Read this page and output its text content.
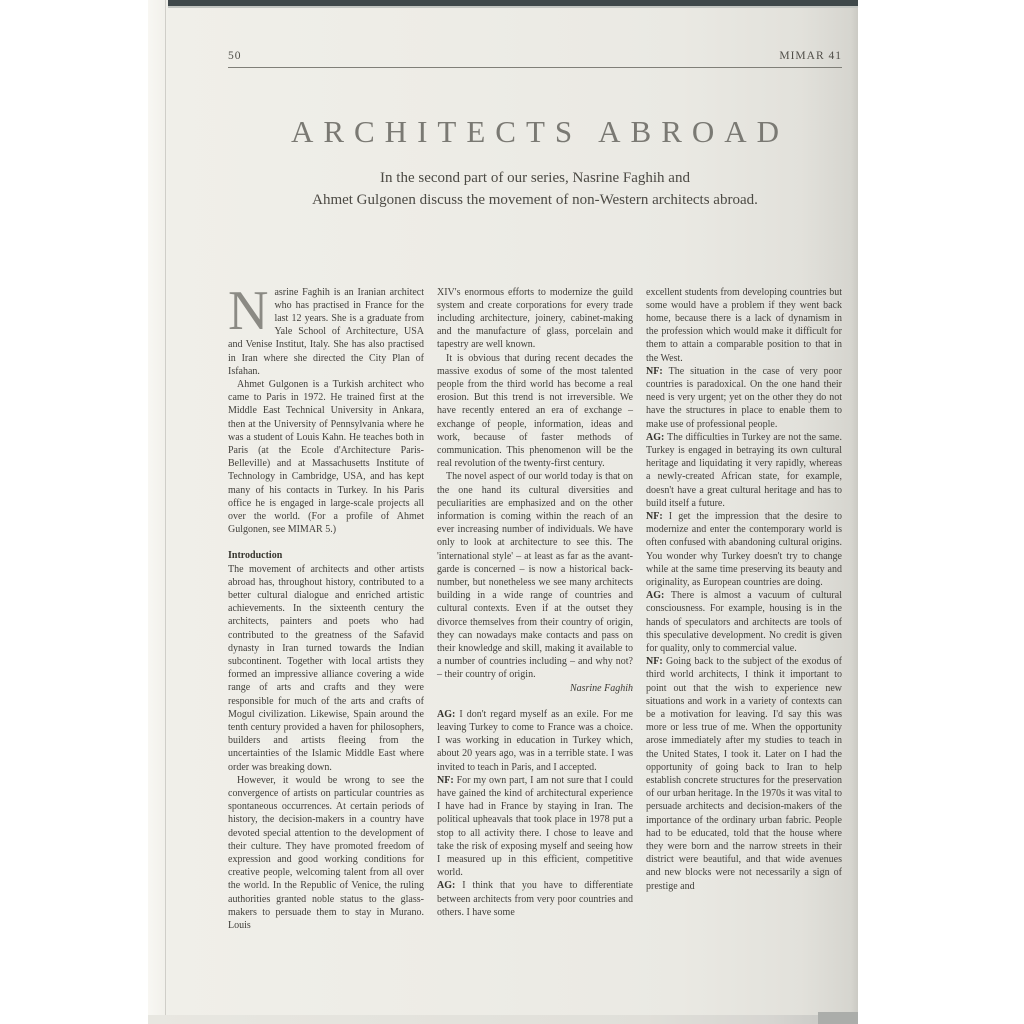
50	MIMAR 41
ARCHITECTS ABROAD

In the second part of our series, Nasrine Faghih and
Ahmet Gulgonen discuss the movement of non-Western architects abroad.

Nasrine Faghih is an Iranian architect who has practised in France for the last 12 years. She is a graduate from Yale School of Architecture, USA and Venise Institut, Italy. She has also practised in Iran where she directed the City Plan of Isfahan.

Ahmet Gulgonen is a Turkish architect who came to Paris in 1972. He trained first at the Middle East Technical University in Ankara, then at the University of Pennsylvania where he was a student of Louis Kahn. He teaches both in Paris (at the Ecole d'Architecture Paris-Belleville) and at Massachusetts Institute of Technology in Cambridge, USA, and has kept many of his contacts in Turkey. In his Paris office he is engaged in large-scale projects all over the world. (For a profile of Ahmet Gulgonen, see MIMAR 5.)

Introduction

The movement of architects and other artists abroad has, throughout history, contributed to a better cultural dialogue and enriched artistic achievements. In the sixteenth century the architects, painters and poets who had contributed to the greatness of the Safavid dynasty in Iran turned towards the Indian subcontinent. Together with local artists they formed an impressive alliance covering a wide range of arts and crafts and they were responsible for much of the arts and crafts of Mogul civilization. Likewise, Spain around the tenth century provided a haven for philosophers, builders and artists fleeing from the uncertainties of the Islamic Middle East where order was breaking down.

However, it would be wrong to see the convergence of artists on particular countries as spontaneous occurrences. At certain periods of history, the decision-makers in a country have devoted special attention to the development of their culture. They have promoted freedom of expression and good working conditions for creative people, welcoming talent from all over the world. In the Republic of Venice, the ruling authorities granted noble status to the glass-makers to persuade them to stay in Murano. Louis

XIV's enormous efforts to modernize the guild system and create corporations for every trade including architecture, joinery, cabinet-making and the manufacture of glass, porcelain and tapestry are well known.

It is obvious that during recent decades the massive exodus of some of the most talented people from the third world has become a real erosion. But this trend is not irreversible. We have recently entered an era of exchange – exchange of people, information, ideas and work, because of faster methods of communication. This phenomenon will be the real revolution of the twenty-first century.

The novel aspect of our world today is that on the one hand its cultural diversities and peculiarities are emphasized and on the other information is coming within the reach of an ever increasing number of individuals. We have only to look at architecture to see this. The 'international style' – at least as far as the avant-garde is concerned – is now a historical back-number, but nonetheless we see many architects building in a wide range of countries and cultural contexts. Even if at the outset they divorce themselves from their country of origin, they can nowadays make contacts and pass on their knowledge and skill, making it available to a number of countries including – and why not? – their country of origin.

Nasrine Faghih

AG: I don't regard myself as an exile. For me leaving Turkey to come to France was a choice. I was working in education in Turkey which, about 20 years ago, was in a terrible state. I was invited to teach in Paris, and I accepted.

NF: For my own part, I am not sure that I could have gained the kind of architectural experience I have had in France by staying in Iran. The political upheavals that took place in 1978 put a stop to all activity there. I chose to leave and take the risk of exposing myself and seeing how I measured up in this efficient, competitive world.

AG: I think that you have to differentiate between architects from very poor countries and others. I have some

excellent students from developing countries but some would have a problem if they went back home, because there is a lack of dynamism in the profession which would make it difficult for them to attain a comparable position to that in the West.

NF: The situation in the case of very poor countries is paradoxical. On the one hand their need is very urgent; yet on the other they do not have the structures in place to enable them to make use of professional people.

AG: The difficulties in Turkey are not the same. Turkey is engaged in betraying its own cultural heritage and liquidating it very rapidly, whereas a newly-created African state, for example, doesn't have a great cultural heritage and has to build itself a future.

NF: I get the impression that the desire to modernize and enter the contemporary world is often confused with abandoning cultural origins. You wonder why Turkey doesn't try to change while at the same time preserving its beauty and originality, as European countries are doing.

AG: There is almost a vacuum of cultural consciousness. For example, housing is in the hands of speculators and architects are tools of this speculative development. No credit is given for quality, only to commercial value.

NF: Going back to the subject of the exodus of third world architects, I think it important to point out that the wish to experience new situations and work in a variety of contexts can be a motivation for leaving. I'd say this was more or less true of me. When the opportunity arose immediately after my studies to teach in the United States, I took it. Later on I had the opportunity of going back to Iran to help establish concrete structures for the preservation of our urban heritage. In the 1970s it was vital to persuade architects and decision-makers of the importance of the ordinary urban fabric. People had to be educated, told that the house where they were born and the narrow streets in their district were beautiful, and that wide avenues and new blocks were not necessarily a sign of prestige and
